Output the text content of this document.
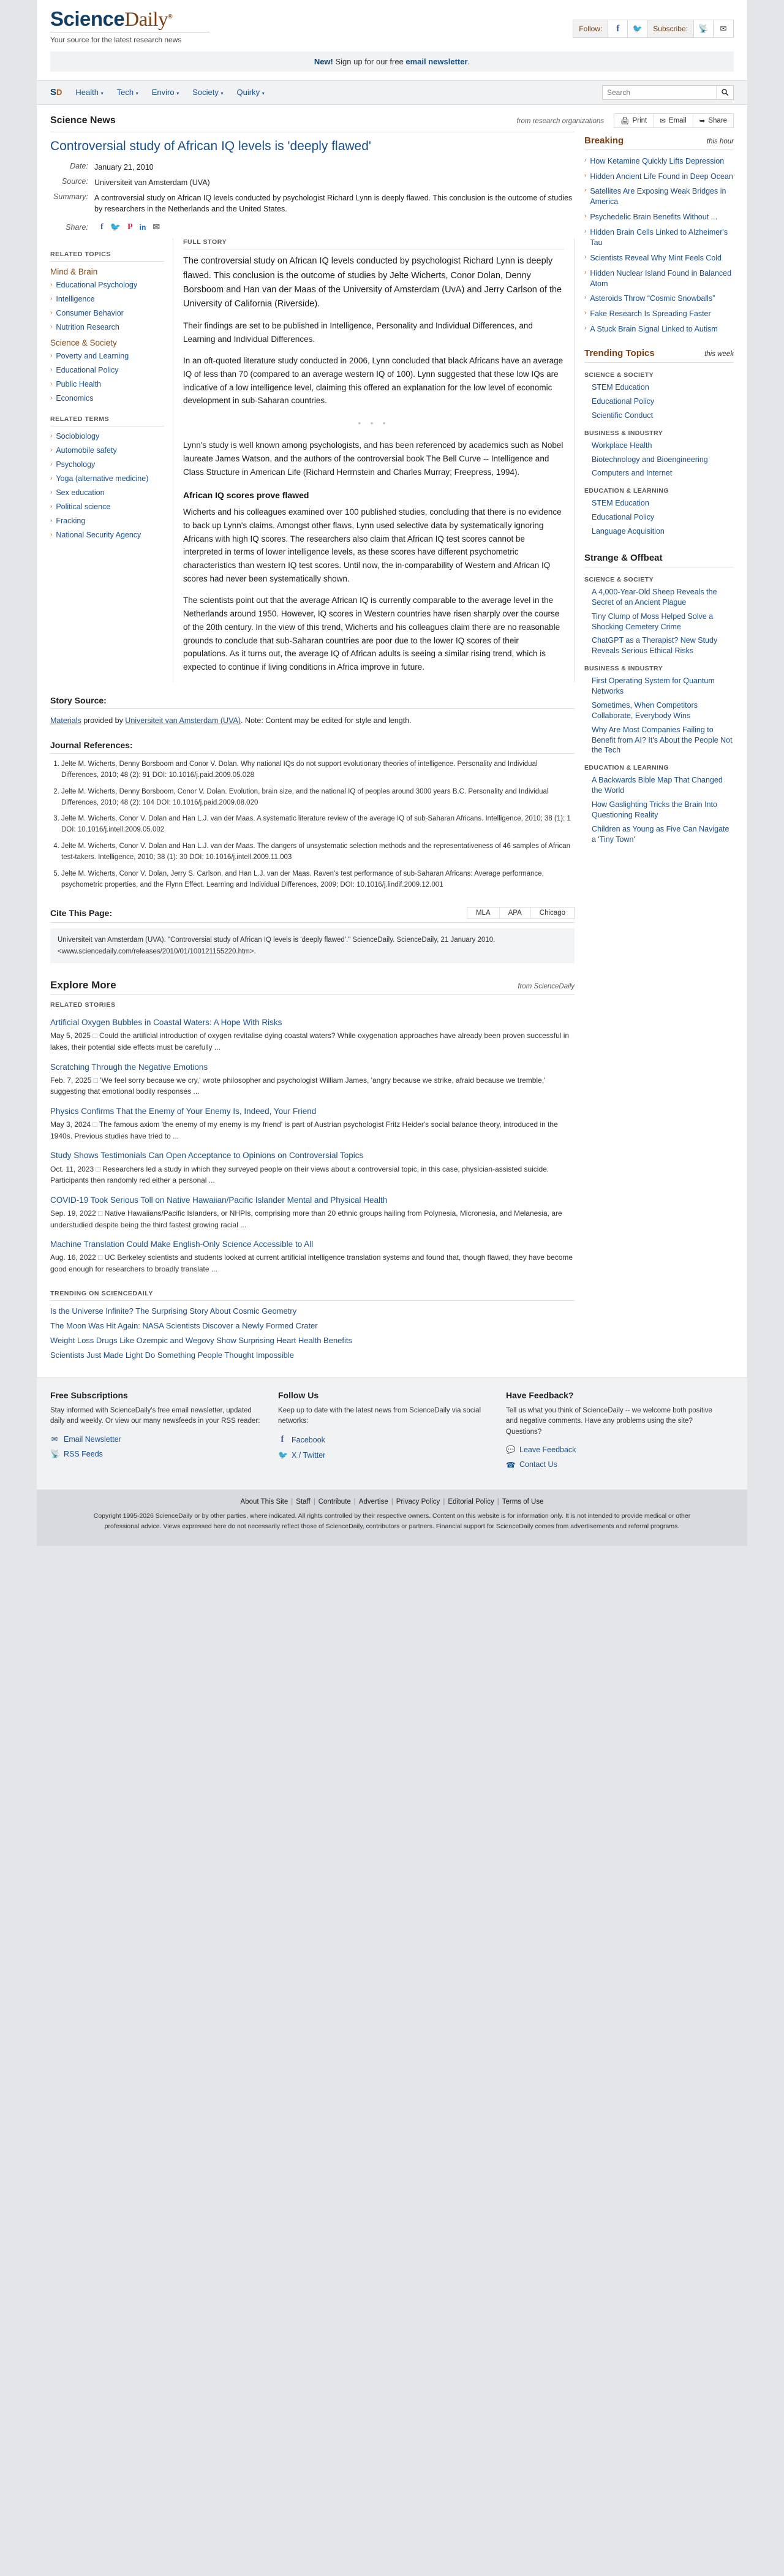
ScienceDaily®
Your source for the latest research news
Follow:	f 🐦	Subscribe:	📡 ✉
New! Sign up for our free email newsletter.
SD Health ▾ Tech ▾ Enviro ▾ Society ▾ Quirky ▾
Search
Science News	from research organizations	🖨 Print ✉ Email ➥ Share
Controversial study of African IQ levels is 'deeply flawed'
Date: January 21, 2010
Source: Universiteit van Amsterdam (UVA)
Summary: A controversial study on African IQ levels conducted by psychologist Richard Lynn is deeply flawed. This conclusion is the outcome of studies by researchers in the Netherlands and the United States.
Share:	f 🐦 P in ✉
RELATED TOPICS
Mind & Brain
› Educational Psychology
› Intelligence
› Consumer Behavior
› Nutrition Research
Science & Society
› Poverty and Learning
› Educational Policy
› Public Health
› Economics
RELATED TERMS
› Sociobiology
› Automobile safety
› Psychology
› Yoga (alternative medicine)
› Sex education
› Political science
› Fracking
› National Security Agency
FULL STORY

The controversial study on African IQ levels conducted by psychologist Richard Lynn is deeply flawed. This conclusion is the outcome of studies by Jelte Wicherts, Conor Dolan, Denny Borsboom and Han van der Maas of the University of Amsterdam (UvA) and Jerry Carlson of the University of California (Riverside).

Their findings are set to be published in Intelligence, Personality and Individual Differences, and Learning and Individual Differences.

In an oft-quoted literature study conducted in 2006, Lynn concluded that black Africans have an average IQ of less than 70 (compared to an average western IQ of 100). Lynn suggested that these low IQs are indicative of a low intelligence level, claiming this offered an explanation for the low level of economic development in sub-Saharan countries.

• • •

Lynn's study is well known among psychologists, and has been referenced by academics such as Nobel laureate James Watson, and the authors of the controversial book The Bell Curve -- Intelligence and Class Structure in American Life (Richard Herrnstein and Charles Murray; Freepress, 1994).

African IQ scores prove flawed

Wicherts and his colleagues examined over 100 published studies, concluding that there is no evidence to back up Lynn's claims. Amongst other flaws, Lynn used selective data by systematically ignoring Africans with high IQ scores. The researchers also claim that African IQ test scores cannot be interpreted in terms of lower intelligence levels, as these scores have different psychometric characteristics than western IQ test scores. Until now, the in-comparability of Western and African IQ scores had never been systematically shown.

The scientists point out that the average African IQ is currently comparable to the average level in the Netherlands around 1950. However, IQ scores in Western countries have risen sharply over the course of the 20th century. In the view of this trend, Wicherts and his colleagues claim there are no reasonable grounds to conclude that sub-Saharan countries are poor due to the lower IQ scores of their populations. As it turns out, the average IQ of African adults is seeing a similar rising trend, which is expected to continue if living conditions in Africa improve in future.

Story Source:
Materials provided by Universiteit van Amsterdam (UVA). Note: Content may be edited for style and length.
Journal References:
1. Jelte M. Wicherts, Denny Borsboom and Conor V. Dolan. Why national IQs do not support evolutionary theories of intelligence. Personality and Individual Differences, 2010; 48 (2): 91 DOI: 10.1016/j.paid.2009.05.028
2. Jelte M. Wicherts, Denny Borsboom, Conor V. Dolan. Evolution, brain size, and the national IQ of peoples around 3000 years B.C. Personality and Individual Differences, 2010; 48 (2): 104 DOI: 10.1016/j.paid.2009.08.020
3. Jelte M. Wicherts, Conor V. Dolan and Han L.J. van der Maas. A systematic literature review of the average IQ of sub-Saharan Africans. Intelligence, 2010; 38 (1): 1 DOI: 10.1016/j.intell.2009.05.002
4. Jelte M. Wicherts, Conor V. Dolan and Han L.J. van der Maas. The dangers of unsystematic selection methods and the representativeness of 46 samples of African test-takers. Intelligence, 2010; 38 (1): 30 DOI: 10.1016/j.intell.2009.11.003
5. Jelte M. Wicherts, Conor V. Dolan, Jerry S. Carlson, and Han L.J. van der Maas. Raven's test performance of sub-Saharan Africans: Average performance, psychometric properties, and the Flynn Effect. Learning and Individual Differences, 2009; DOI: 10.1016/j.lindif.2009.12.001
Cite This Page:	MLA	APA	Chicago
Universiteit van Amsterdam (UVA). "Controversial study of African IQ levels is 'deeply flawed'." ScienceDaily. ScienceDaily, 21 January 2010. <www.sciencedaily.com/releases/2010/01/100121155220.htm>.
Explore More	from ScienceDaily
RELATED STORIES
Artificial Oxygen Bubbles in Coastal Waters: A Hope With Risks
May 5, 2025 □ Could the artificial introduction of oxygen revitalise dying coastal waters? While oxygenation approaches have already been proven successful in lakes, their potential side effects must be carefully ...
Scratching Through the Negative Emotions
Feb. 7, 2025 □ 'We feel sorry because we cry,' wrote philosopher and psychologist William James, 'angry because we strike, afraid because we tremble,' suggesting that emotional bodily responses ...
Physics Confirms That the Enemy of Your Enemy Is, Indeed, Your Friend
May 3, 2024 □ The famous axiom 'the enemy of my enemy is my friend' is part of Austrian psychologist Fritz Heider's social balance theory, introduced in the 1940s. Previous studies have tried to ...
Study Shows Testimonials Can Open Acceptance to Opinions on Controversial Topics
Oct. 11, 2023 □ Researchers led a study in which they surveyed people on their views about a controversial topic, in this case, physician-assisted suicide. Participants then randomly red either a personal ...
COVID-19 Took Serious Toll on Native Hawaiian/Pacific Islander Mental and Physical Health
Sep. 19, 2022 □ Native Hawaiians/Pacific Islanders, or NHPIs, comprising more than 20 ethnic groups hailing from Polynesia, Micronesia, and Melanesia, are understudied despite being the third fastest growing racial ...
Machine Translation Could Make English-Only Science Accessible to All
Aug. 16, 2022 □ UC Berkeley scientists and students looked at current artificial intelligence translation systems and found that, though flawed, they have become good enough for researchers to broadly translate ...
TRENDING ON SCIENCEDAILY
Is the Universe Infinite? The Surprising Story About Cosmic Geometry
The Moon Was Hit Again: NASA Scientists Discover a Newly Formed Crater
Weight Loss Drugs Like Ozempic and Wegovy Show Surprising Heart Health Benefits
Scientists Just Made Light Do Something People Thought Impossible
Breaking	this hour
› How Ketamine Quickly Lifts Depression
› Hidden Ancient Life Found in Deep Ocean
› Satellites Are Exposing Weak Bridges in America
› Psychedelic Brain Benefits Without ...
› Hidden Brain Cells Linked to Alzheimer's Tau
› Scientists Reveal Why Mint Feels Cold
› Hidden Nuclear Island Found in Balanced Atom
› Asteroids Throw “Cosmic Snowballs”
› Fake Research Is Spreading Faster
› A Stuck Brain Signal Linked to Autism
Trending Topics	this week
SCIENCE & SOCIETY
STEM Education
Educational Policy
Scientific Conduct
BUSINESS & INDUSTRY
Workplace Health
Biotechnology and Bioengineering
Computers and Internet
EDUCATION & LEARNING
STEM Education
Educational Policy
Language Acquisition
Strange & Offbeat
SCIENCE & SOCIETY
A 4,000-Year-Old Sheep Reveals the Secret of an Ancient Plague
Tiny Clump of Moss Helped Solve a Shocking Cemetery Crime
ChatGPT as a Therapist? New Study Reveals Serious Ethical Risks
BUSINESS & INDUSTRY
First Operating System for Quantum Networks
Sometimes, When Competitors Collaborate, Everybody Wins
Why Are Most Companies Failing to Benefit from AI? It's About the People Not the Tech
EDUCATION & LEARNING
A Backwards Bible Map That Changed the World
How Gaslighting Tricks the Brain Into Questioning Reality
Children as Young as Five Can Navigate a 'Tiny Town'
Free Subscriptions

Stay informed with ScienceDaily's free email newsletter, updated daily and weekly. Or view our many newsfeeds in your RSS reader:

✉ Email Newsletter
📡 RSS Feeds
Follow Us

Keep up to date with the latest news from ScienceDaily via social networks:

f	Facebook
🐦 X / Twitter
Have Feedback?

Tell us what you think of ScienceDaily -- we welcome both positive and negative comments. Have any problems using the site? Questions?

💬 Leave Feedback
☎ Contact Us
About This Site | Staff | Contribute | Advertise | Privacy Policy | Editorial Policy | Terms of Use
Copyright 1995-2026 ScienceDaily or by other parties, where indicated. All rights controlled by their respective owners. Content on this website is for information only. It is not intended to provide medical or other professional advice. Views expressed here do not necessarily reflect those of ScienceDaily, contributors or partners. Financial support for ScienceDaily comes from advertisements and referral programs.
